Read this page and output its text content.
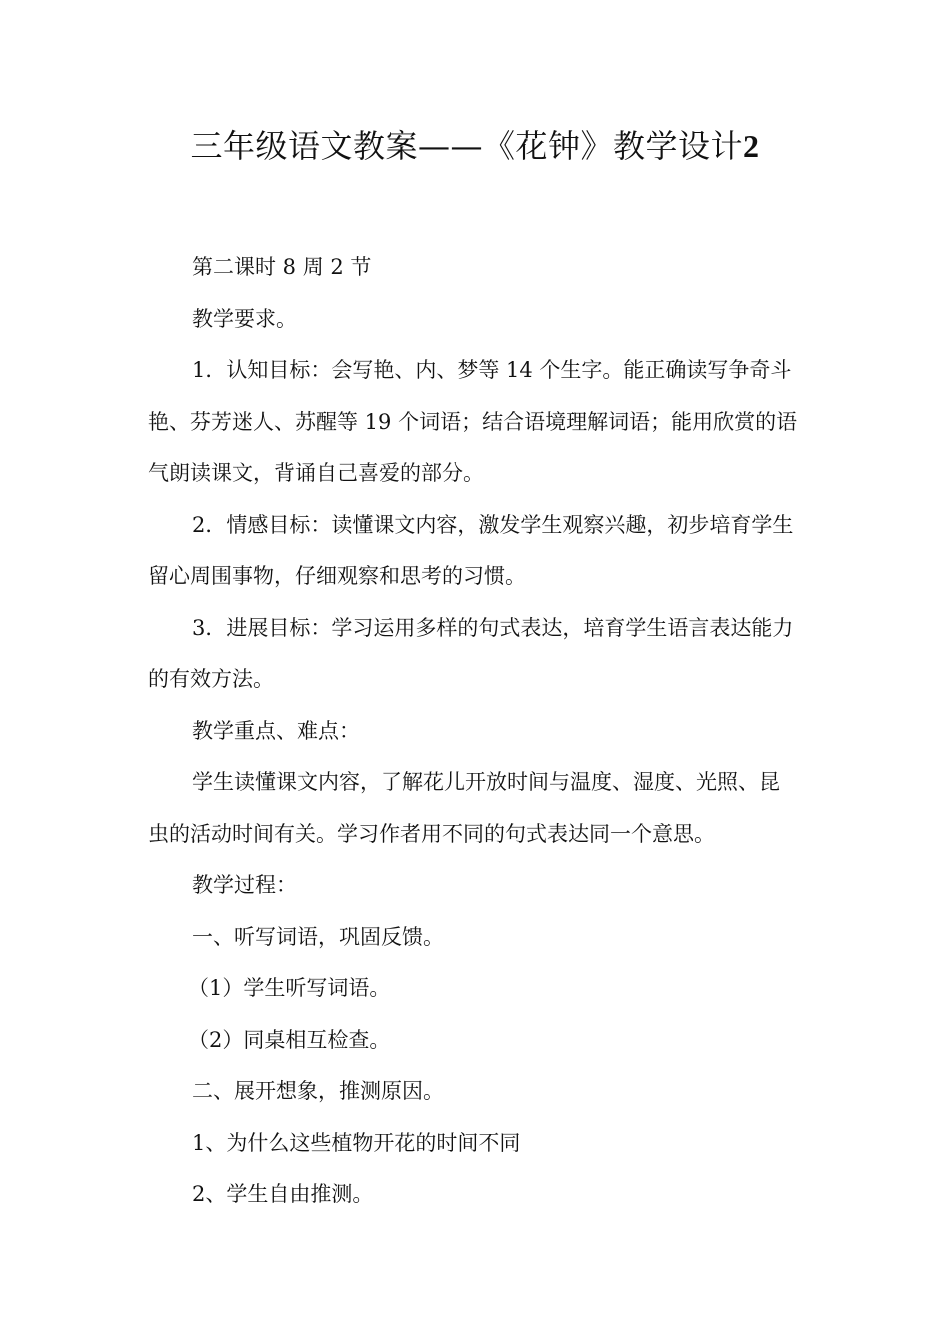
三年级语文教案——《花钟》教学设计2

第二课时 8 周 2 节

教学要求。

1．认知目标：会写艳、内、梦等 14 个生字。能正确读写争奇斗艳、芬芳迷人、苏醒等 19 个词语；结合语境理解词语；能用欣赏的语气朗读课文，背诵自己喜爱的部分。

2．情感目标：读懂课文内容，激发学生观察兴趣，初步培育学生留心周围事物，仔细观察和思考的习惯。

3．进展目标：学习运用多样的句式表达，培育学生语言表达能力的有效方法。

教学重点、难点：

学生读懂课文内容，了解花儿开放时间与温度、湿度、光照、昆虫的活动时间有关。学习作者用不同的句式表达同一个意思。

教学过程：

一、听写词语，巩固反馈。

（1）学生听写词语。

（2）同桌相互检查。

二、展开想象，推测原因。

1、为什么这些植物开花的时间不同

2、学生自由推测。
